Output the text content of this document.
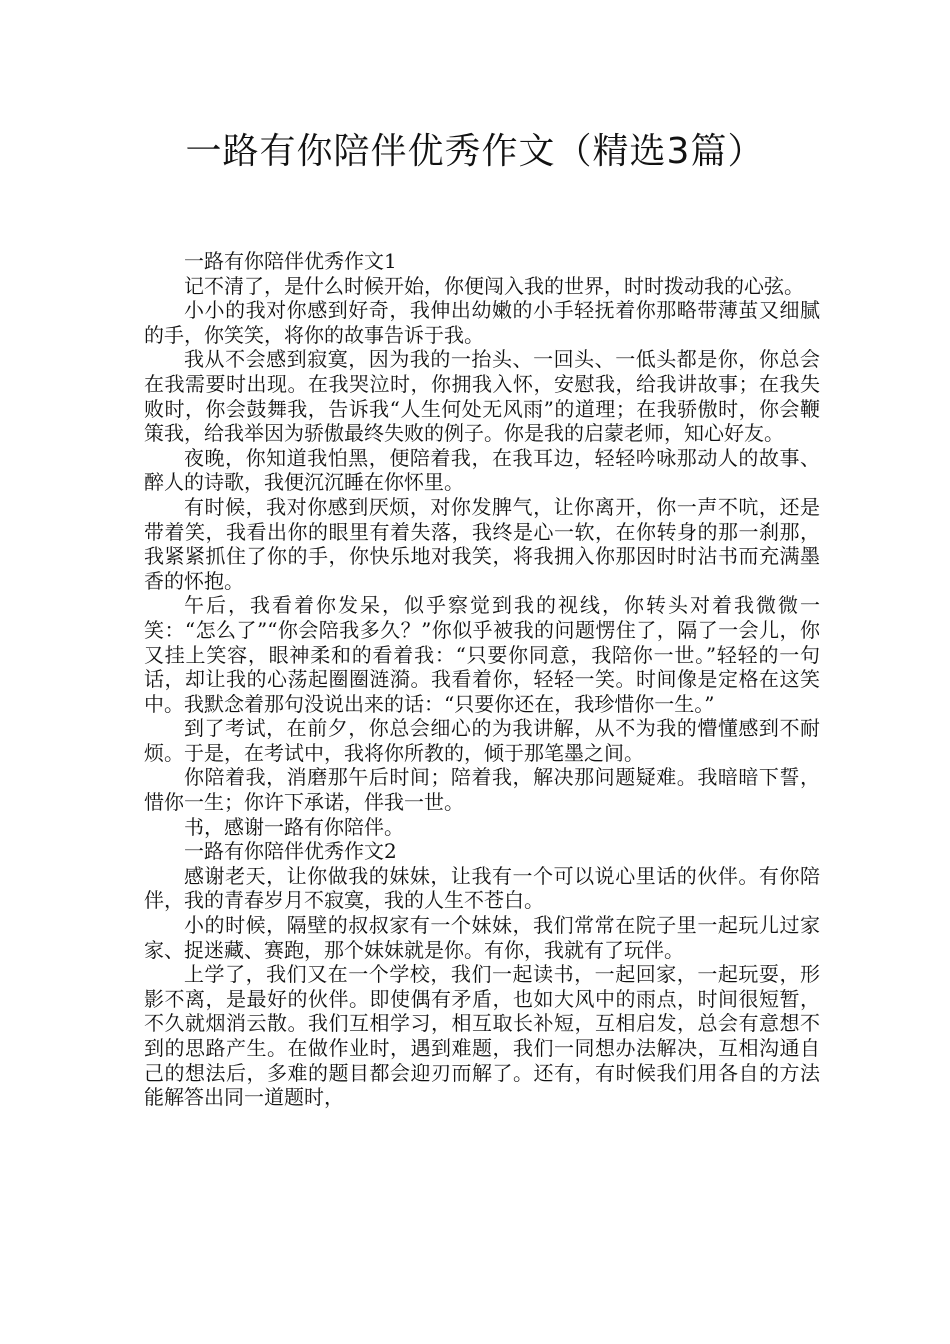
一路有你陪伴优秀作文（精选3篇）

一路有你陪伴优秀作文1

记不清了，是什么时候开始，你便闯入我的世界，时时拨动我的心弦。

小小的我对你感到好奇，我伸出幼嫩的小手轻抚着你那略带薄茧又细腻的手，你笑笑，将你的故事告诉于我。

我从不会感到寂寞，因为我的一抬头、一回头、一低头都是你，你总会在我需要时出现。在我哭泣时，你拥我入怀，安慰我，给我讲故事；在我失败时，你会鼓舞我，告诉我“人生何处无风雨”的道理；在我骄傲时，你会鞭策我，给我举因为骄傲最终失败的例子。你是我的启蒙老师，知心好友。

夜晚，你知道我怕黑，便陪着我，在我耳边，轻轻吟咏那动人的故事、醉人的诗歌，我便沉沉睡在你怀里。

有时候，我对你感到厌烦，对你发脾气，让你离开，你一声不吭，还是带着笑，我看出你的眼里有着失落，我终是心一软，在你转身的那一刹那，我紧紧抓住了你的手，你快乐地对我笑，将我拥入你那因时时沾书而充满墨香的怀抱。

午后，我看着你发呆，似乎察觉到我的视线，你转头对着我微微一笑：“怎么了”“你会陪我多久？”你似乎被我的问题愣住了，隔了一会儿，你又挂上笑容，眼神柔和的看着我：“只要你同意，我陪你一世。”轻轻的一句话，却让我的心荡起圈圈涟漪。我看着你，轻轻一笑。时间像是定格在这笑中。我默念着那句没说出来的话：“只要你还在，我珍惜你一生。”

到了考试，在前夕，你总会细心的为我讲解，从不为我的懵懂感到不耐烦。于是，在考试中，我将你所教的，倾于那笔墨之间。

你陪着我，消磨那午后时间；陪着我，解决那问题疑难。我暗暗下誓，惜你一生；你许下承诺，伴我一世。

书，感谢一路有你陪伴。

一路有你陪伴优秀作文2

感谢老天，让你做我的妹妹，让我有一个可以说心里话的伙伴。有你陪伴，我的青春岁月不寂寞，我的人生不苍白。

小的时候，隔壁的叔叔家有一个妹妹，我们常常在院子里一起玩儿过家家、捉迷藏、赛跑，那个妹妹就是你。有你，我就有了玩伴。

上学了，我们又在一个学校，我们一起读书，一起回家，一起玩耍，形影不离，是最好的伙伴。即使偶有矛盾，也如大风中的雨点，时间很短暂，不久就烟消云散。我们互相学习，相互取长补短，互相启发，总会有意想不到的思路产生。在做作业时，遇到难题，我们一同想办法解决，互相沟通自己的想法后，多难的题目都会迎刃而解了。还有，有时候我们用各自的方法能解答出同一道题时，
